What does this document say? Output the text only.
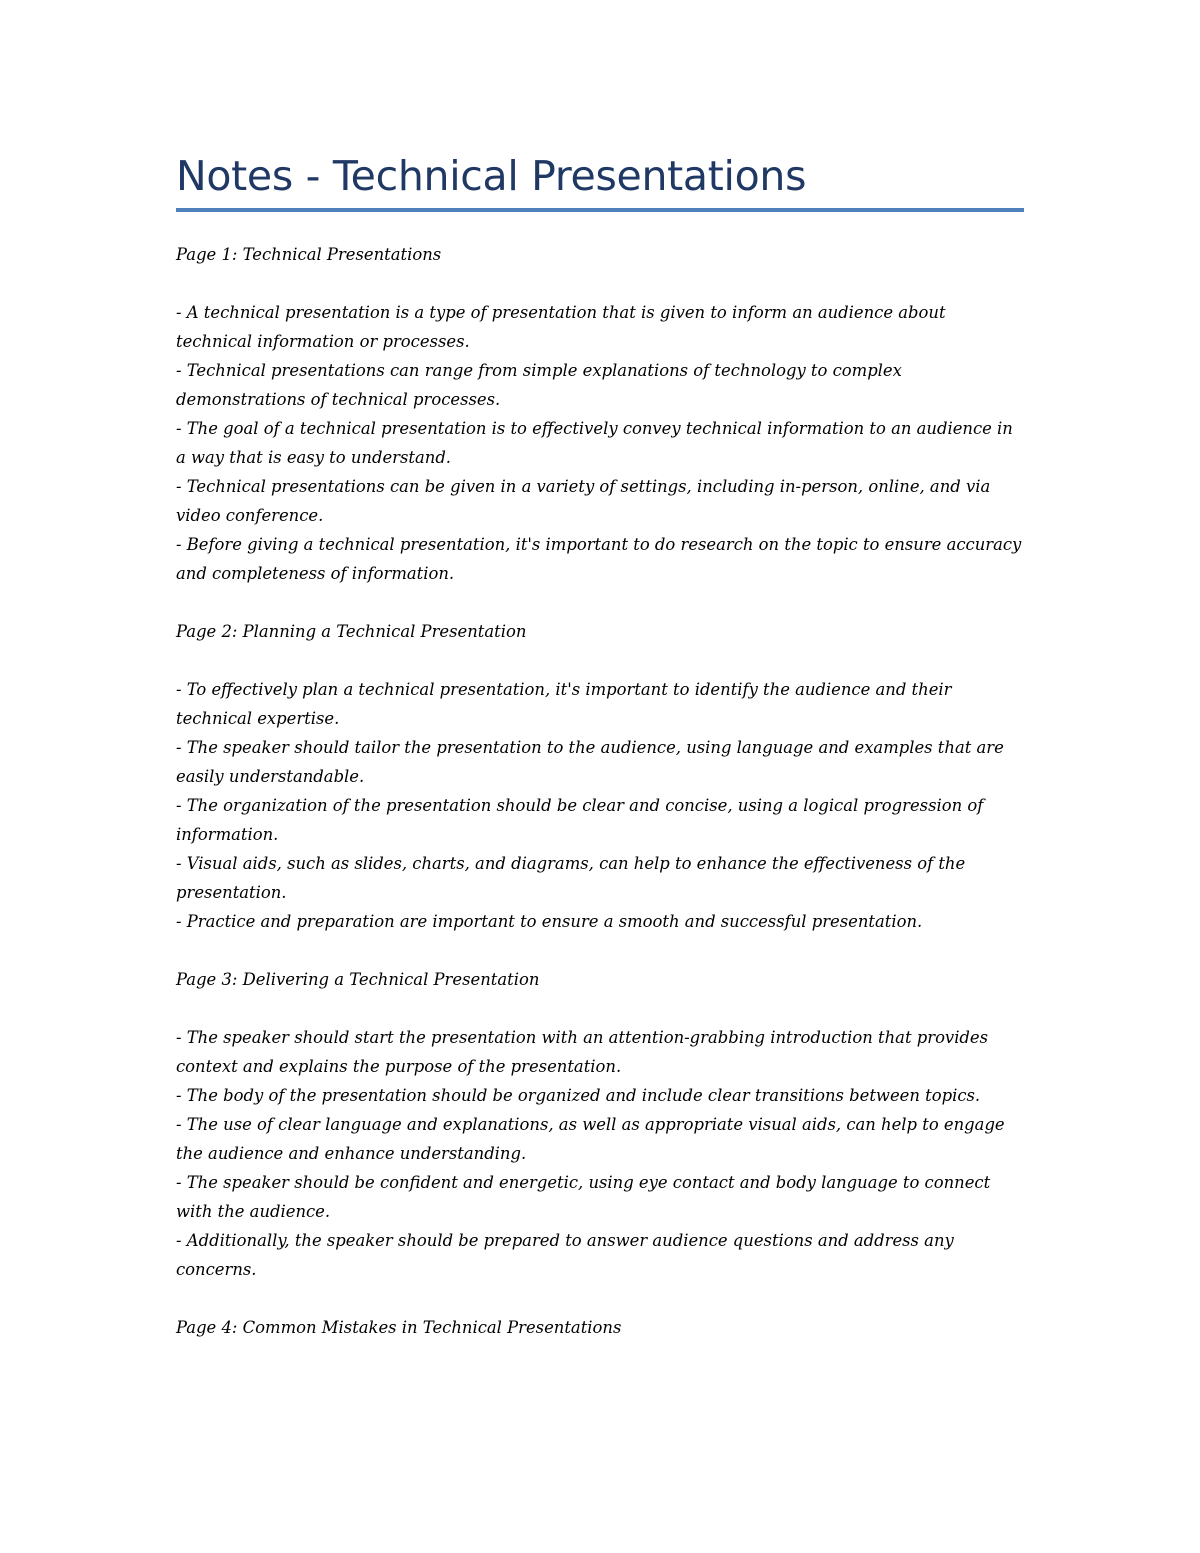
Notes - Technical Presentations

Page 1: Technical Presentations

- A technical presentation is a type of presentation that is given to inform an audience about technical information or processes.

- Technical presentations can range from simple explanations of technology to complex demonstrations of technical processes.

- The goal of a technical presentation is to effectively convey technical information to an audience in a way that is easy to understand.

- Technical presentations can be given in a variety of settings, including in-person, online, and via video conference.

- Before giving a technical presentation, it's important to do research on the topic to ensure accuracy and completeness of information.

Page 2: Planning a Technical Presentation

- To effectively plan a technical presentation, it's important to identify the audience and their technical expertise.

- The speaker should tailor the presentation to the audience, using language and examples that are easily understandable.

- The organization of the presentation should be clear and concise, using a logical progression of information.

- Visual aids, such as slides, charts, and diagrams, can help to enhance the effectiveness of the presentation.

- Practice and preparation are important to ensure a smooth and successful presentation.

Page 3: Delivering a Technical Presentation

- The speaker should start the presentation with an attention-grabbing introduction that provides context and explains the purpose of the presentation.

- The body of the presentation should be organized and include clear transitions between topics.

- The use of clear language and explanations, as well as appropriate visual aids, can help to engage the audience and enhance understanding.

- The speaker should be confident and energetic, using eye contact and body language to connect with the audience.

- Additionally, the speaker should be prepared to answer audience questions and address any concerns.

Page 4: Common Mistakes in Technical Presentations
